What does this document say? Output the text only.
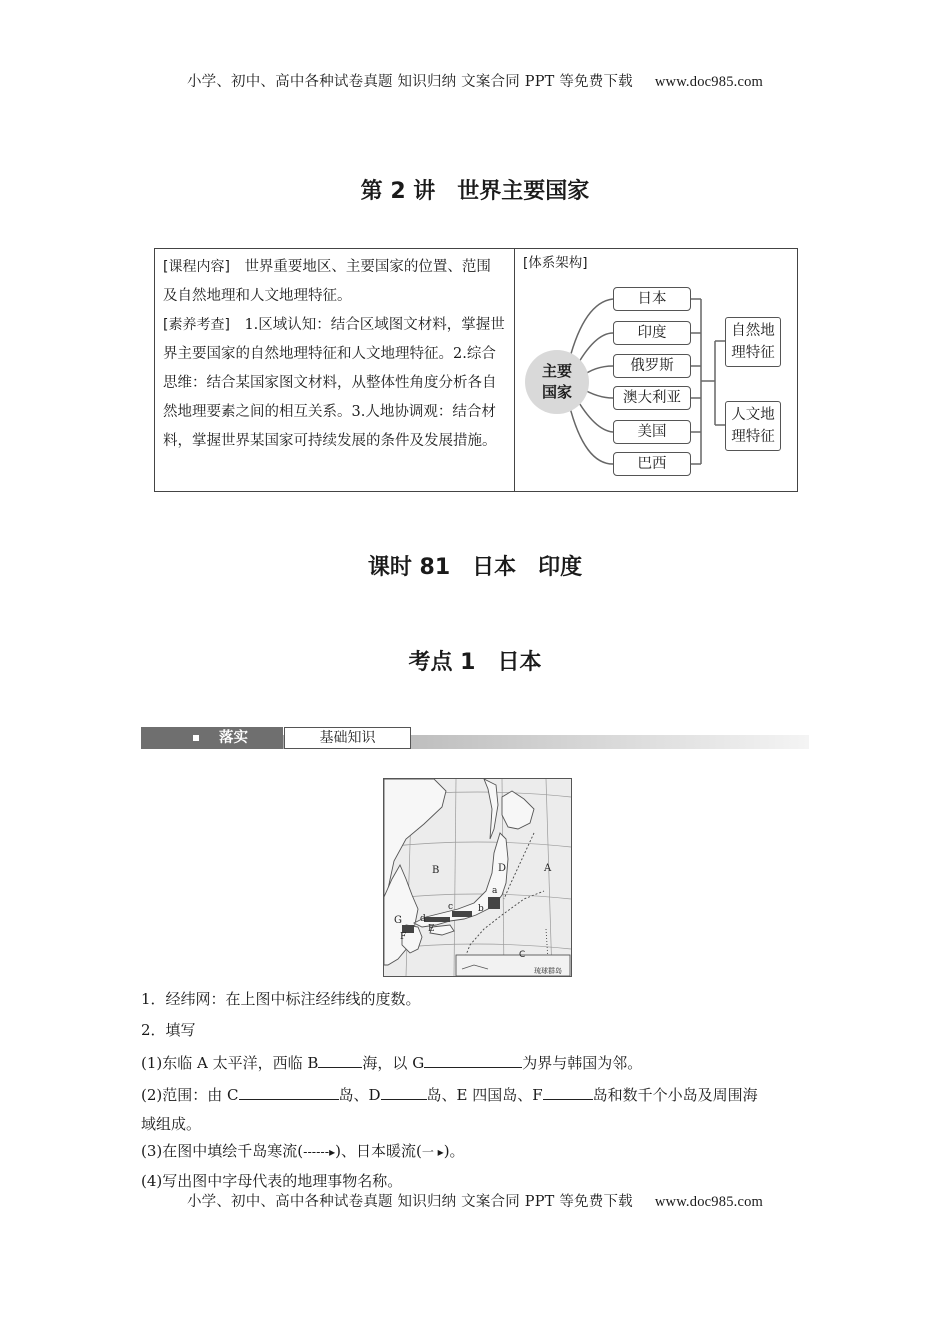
小学、初中、高中各种试卷真题 知识归纳 文案合同 PPT 等免费下载 www.doc985.com
第 2 讲　世界主要国家
[课程内容]　 世界重要地区、主要国家的位置、范围及自然地理和人文地理特征。
[素养考查]　 1.区域认知：结合区域图文材料，掌握世界主要国家的自然地理特征和人文地理特征。2.综合思维：结合某国家图文材料，从整体性角度分析各自然地理要素之间的相互关系。3.人地协调观：结合材料，掌握世界某国家可持续发展的条件及发展措施。
[体系架构]
主要
国家
日本
印度
俄罗斯
澳大利亚
美国
巴西
自然地
理特征
人文地
理特征
课时 81　日本　印度
考点 1　日本
落实	基础知识
C
B	D	A
a
b
G d
c
F
E
琉球群岛
1．经纬网：在上图中标注经纬线的度数。
2．填写
(1)东临 A 太平洋，西临 B	海，以 G	为界与韩国为邻。
(2)范围：由 C	岛、D	岛、E 四国岛、F	岛和数千个小岛及周围海
域组成。
(3)在图中填绘千岛寒流(------▸)、日本暖流(一 ▸)。
(4)写出图中字母代表的地理事物名称。
小学、初中、高中各种试卷真题 知识归纳 文案合同 PPT 等免费下载 www.doc985.com
